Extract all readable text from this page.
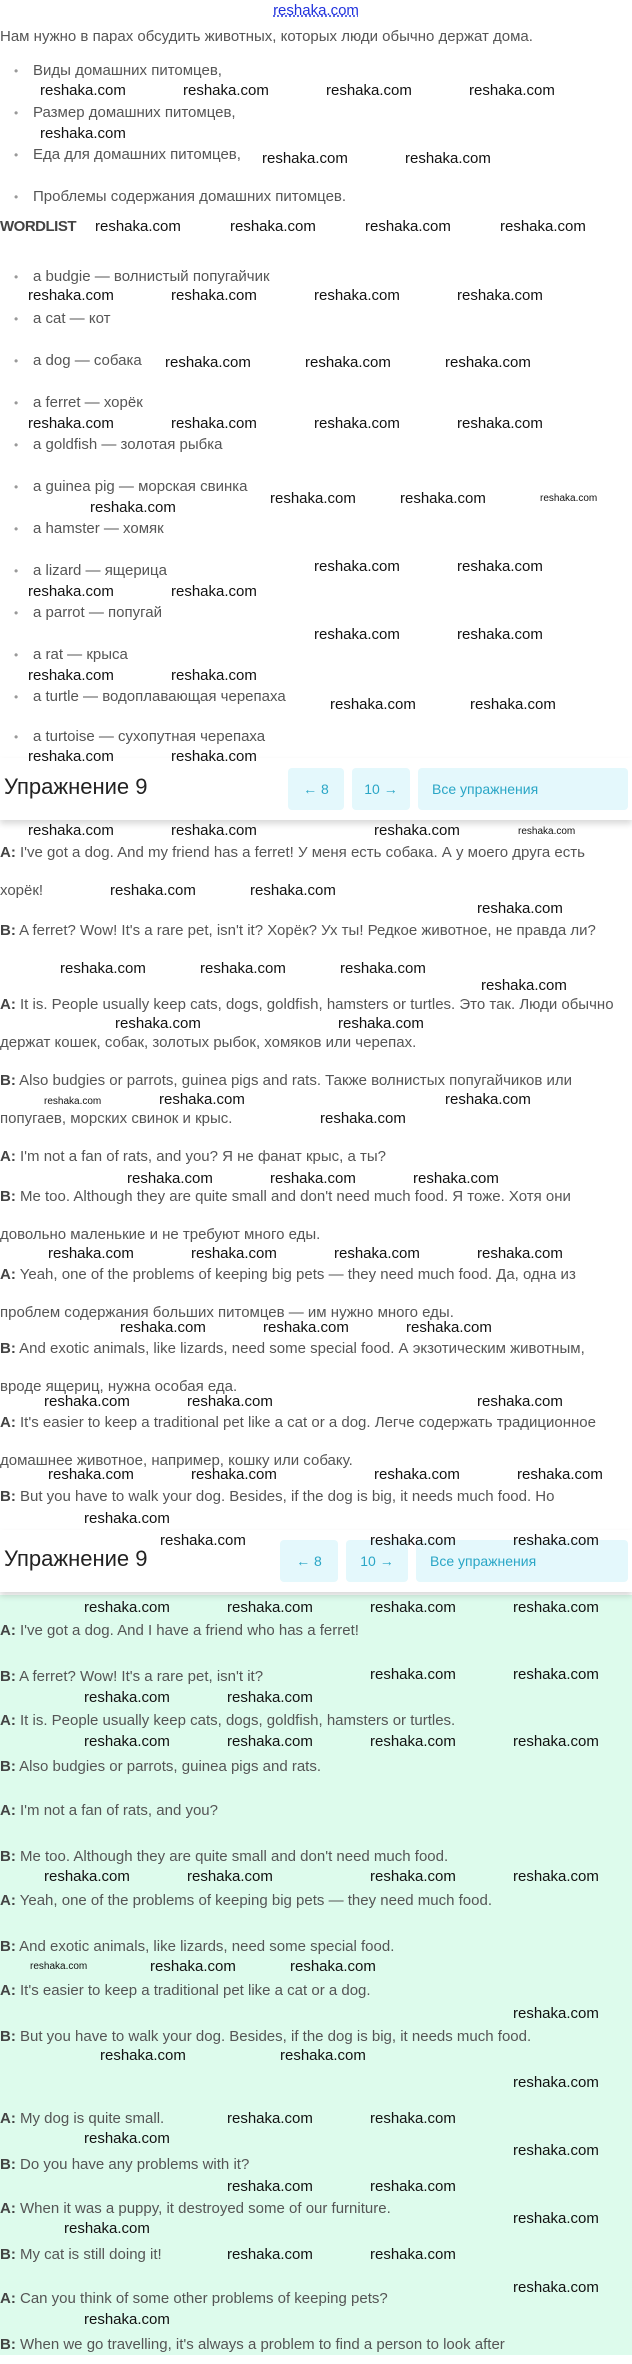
reshaka.com
Нам нужно в парах обсудить животных, которых люди обычно держат дома.
• Виды домашних питомцев,
• Размер домашних питомцев,
• Еда для домашних питомцев,
• Проблемы содержания домашних питомцев.
WORDLIST
• a budgie — волнистый попугайчик
• a cat — кот
• a dog — собака
• a ferret — хорёк
• a goldfish — золотая рыбка
• a guinea pig — морская свинка
• a hamster — хомяк
• a lizard — ящерица
• a parrot — попугай
• a rat — крыса
• a turtle — водоплавающая черепаха
• a turtoise — сухопутная черепаха
Упражнение 9	← 8	10 →	Все упражнения
A: I've got a dog. And my friend has a ferret! У меня есть собака. А у моего друга есть хорёк!
B: A ferret? Wow! It's a rare pet, isn't it? Хорёк? Ух ты! Редкое животное, не правда ли?
A: It is. People usually keep cats, dogs, goldfish, hamsters or turtles. Это так. Люди обычно держат кошек, собак, золотых рыбок, хомяков или черепах.
B: Also budgies or parrots, guinea pigs and rats. Также волнистых попугайчиков или попугаев, морских свинок и крыс.
A: I'm not a fan of rats, and you? Я не фанат крыс, а ты?
B: Me too. Although they are quite small and don't need much food. Я тоже. Хотя они довольно маленькие и не требуют много еды.
A: Yeah, one of the problems of keeping big pets — they need much food. Да, одна из проблем содержания больших питомцев — им нужно много еды.
B: And exotic animals, like lizards, need some special food. А экзотическим животным, вроде ящериц, нужна особая еда.
A: It's easier to keep a traditional pet like a cat or a dog. Легче содержать традиционное домашнее животное, например, кошку или собаку.
B: But you have to walk your dog. Besides, if the dog is big, it needs much food. Но
Упражнение 9	← 8	10 →	Все упражнения
A: I've got a dog. And I have a friend who has a ferret!
B: A ferret? Wow! It's a rare pet, isn't it?
A: It is. People usually keep cats, dogs, goldfish, hamsters or turtles.
B: Also budgies or parrots, guinea pigs and rats.
A: I'm not a fan of rats, and you?
B: Me too. Although they are quite small and don't need much food.
A: Yeah, one of the problems of keeping big pets — they need much food.
B: And exotic animals, like lizards, need some special food.
A: It's easier to keep a traditional pet like a cat or a dog.
B: But you have to walk your dog. Besides, if the dog is big, it needs much food.
A: My dog is quite small.
B: Do you have any problems with it?
A: When it was a puppy, it destroyed some of our furniture.
B: My cat is still doing it!
A: Can you think of some other problems of keeping pets?
B: When we go travelling, it's always a problem to find a person to look after
reshaka.com	reshaka.com	reshaka.com	reshaka.com
reshaka.com
reshaka.com	reshaka.com
reshaka.com	reshaka.com	reshaka.com	reshaka.com
reshaka.com	reshaka.com	reshaka.com	reshaka.com
reshaka.com	reshaka.com	reshaka.com
reshaka.com	reshaka.com	reshaka.com	reshaka.com
reshaka.com	reshaka.com	reshaka.com
reshaka.com
reshaka.com	reshaka.com
reshaka.com	reshaka.com
reshaka.com	reshaka.com
reshaka.com	reshaka.com
reshaka.com	reshaka.com
reshaka.com	reshaka.com
reshaka.com	reshaka.com	reshaka.com	reshaka.com
reshaka.com	reshaka.com
reshaka.com
reshaka.com	reshaka.com	reshaka.com
reshaka.com
reshaka.com	reshaka.com
reshaka.com	reshaka.com	reshaka.com
reshaka.com
reshaka.com	reshaka.com	reshaka.com
reshaka.com	reshaka.com	reshaka.com	reshaka.com
reshaka.com	reshaka.com	reshaka.com
reshaka.com	reshaka.com	reshaka.com
reshaka.com	reshaka.com	reshaka.com	reshaka.com
reshaka.com
reshaka.com	reshaka.com	reshaka.com
reshaka.com	reshaka.com	reshaka.com	reshaka.com
reshaka.com	reshaka.com
reshaka.com	reshaka.com
reshaka.com	reshaka.com	reshaka.com	reshaka.com
reshaka.com	reshaka.com	reshaka.com	reshaka.com
reshaka.com	reshaka.com	reshaka.com
reshaka.com
reshaka.com	reshaka.com
reshaka.com
reshaka.com	reshaka.com
reshaka.com
reshaka.com
reshaka.com	reshaka.com
reshaka.com
reshaka.com
reshaka.com	reshaka.com
reshaka.com
reshaka.com
